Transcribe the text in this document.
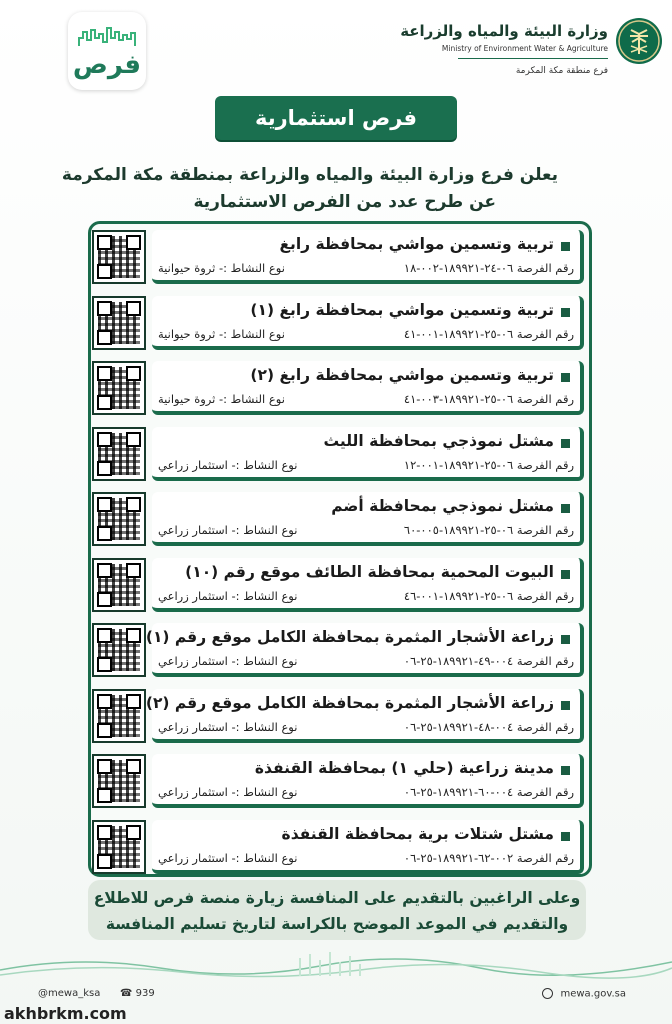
فرص
وزارة البيئة والمياه والزراعة
Ministry of Environment Water & Agriculture
فرع منطقة مكة المكرمة
فرص استثمارية
يعلن فرع وزارة البيئة والمياه والزراعة بمنطقة مكة المكرمة
عن طرح عدد من الفرص الاستثمارية
تربية وتسمين مواشي بمحافظة رابغ
رقم الفرصة ٠٦-٢٤-١٨٩٩٢١-٠٠٢-١٨
نوع النشاط :- ثروة حيوانية
تربية وتسمين مواشي بمحافظة رابغ (١)
رقم الفرصة ٠٦-٢٥-١٨٩٩٢١-٠٠١-٤١
نوع النشاط :- ثروة حيوانية
تربية وتسمين مواشي بمحافظة رابغ (٢)
رقم الفرصة ٠٦-٢٥-١٨٩٩٢١-٠٠٣-٤١
نوع النشاط :- ثروة حيوانية
مشتل نموذجي بمحافظة الليث
رقم الفرصة ٠٦-٢٥-١٨٩٩٢١-٠٠١-١٢
نوع النشاط :- استثمار زراعي
مشتل نموذجي بمحافظة أضم
رقم الفرصة ٠٦-٢٥-١٨٩٩٢١-٠٠٥-٦٠
نوع النشاط :- استثمار زراعي
البيوت المحمية بمحافظة الطائف موقع رقم (١٠)
رقم الفرصة ٠٦-٢٥-١٨٩٩٢١-٠٠١-٤٦
نوع النشاط :- استثمار زراعي
زراعة الأشجار المثمرة بمحافظة الكامل موقع رقم (١)
رقم الفرصة ٠٠٤-٤٩-١٨٩٩٢١-٢٥-٠٦
نوع النشاط :- استثمار زراعي
زراعة الأشجار المثمرة بمحافظة الكامل موقع رقم (٢)
رقم الفرصة ٠٠٤-٤٨-١٨٩٩٢١-٢٥-٠٦
نوع النشاط :- استثمار زراعي
مدينة زراعية (حلي ١) بمحافظة القنفذة
رقم الفرصة ٠٠٤-٦٠-١٨٩٩٢١-٢٥-٠٦
نوع النشاط :- استثمار زراعي
مشتل شتلات برية بمحافظة القنفذة
رقم الفرصة ٠٠٢-٦٢-١٨٩٩٢١-٢٥-٠٦
نوع النشاط :- استثمار زراعي
وعلى الراغبين بالتقديم على المنافسة زيارة منصة فرص للاطلاع
والتقديم في الموعد الموضح بالكراسة لتاريخ تسليم المنافسة
@mewa_ksa ☎ 939	mewa.gov.sa
akhbrkm.com
